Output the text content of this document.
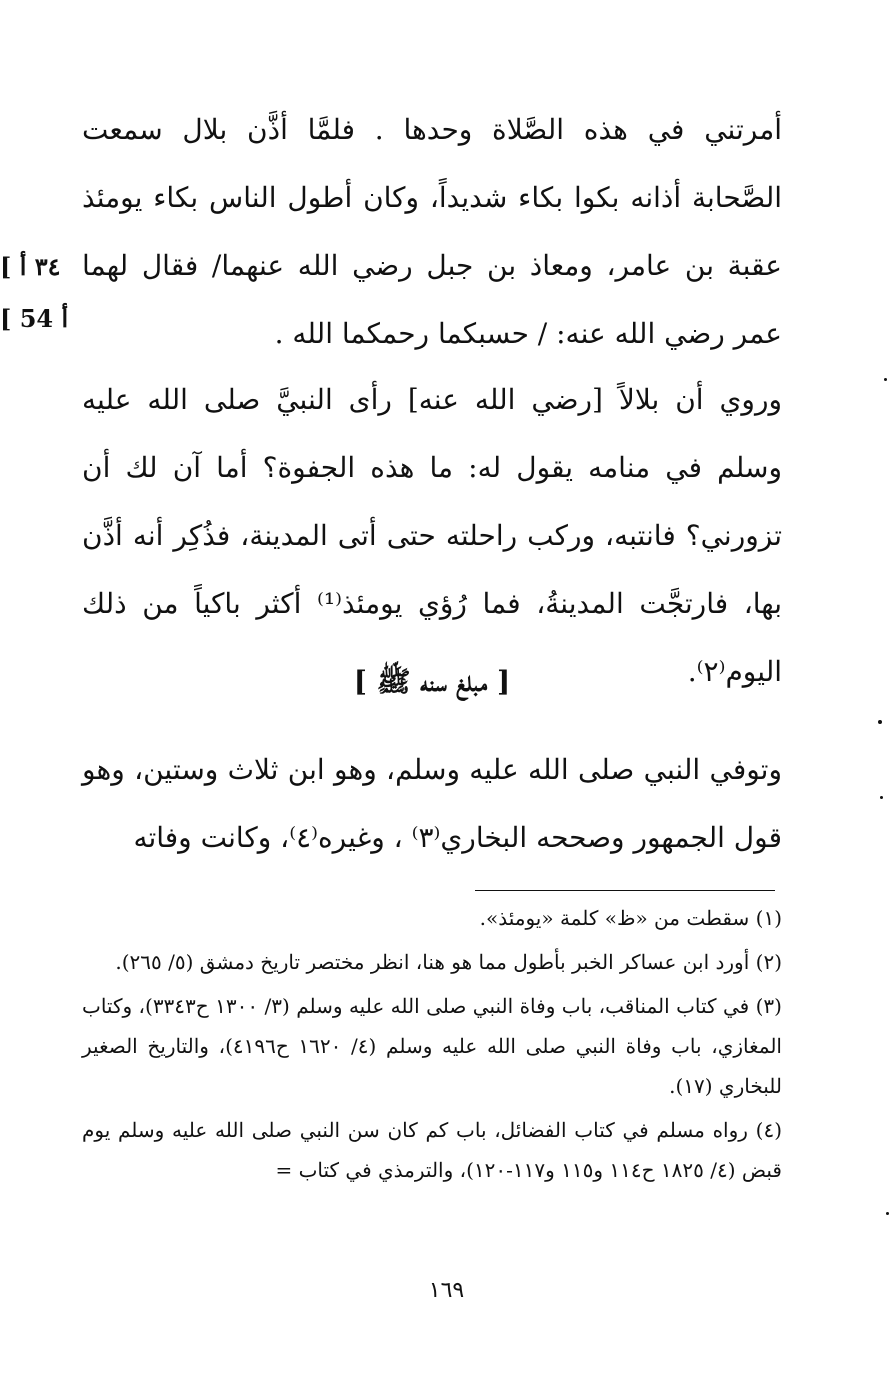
[ ٣٤ أ
[ 54 أ

أمرتني في هذه الصَّلاة وحدها . فلمَّا أذَّن بلال سمعت الصَّحابة أذانه بكوا بكاء شديداً، وكان أطول الناس بكاء يومئذ عقبة بن عامر، ومعاذ بن جبل رضي الله عنهما/ فقال لهما عمر رضي الله عنه: / حسبكما رحمكما الله .

وروي أن بلالاً [رضي الله عنه] رأى النبيَّ صلى الله عليه وسلم في منامه يقول له: ما هذه الجفوة؟ أما آن لك أن تزورني؟ فانتبه، وركب راحلته حتى أتى المدينة، فذُكِر أنه أذَّن بها، فارتجَّت المدينةُ، فما رُؤي يومئذ⁽¹⁾ أكثر باكياً من ذلك اليوم⁽٢⁾.

[ مبلغ سنه ﷺ ]

وتوفي النبي صلى الله عليه وسلم، وهو ابن ثلاث وستين، وهو قول الجمهور وصححه البخاري⁽٣⁾ ، وغيره⁽٤⁾، وكانت وفاته

(١) سقطت من «ظ» كلمة «يومئذ».

(٢) أورد ابن عساكر الخبر بأطول مما هو هنا، انظر مختصر تاريخ دمشق (٥/ ٢٦٥).

(٣) في كتاب المناقب، باب وفاة النبي صلى الله عليه وسلم (٣/ ١٣٠٠ ح٣٣٤٣)، وكتاب المغازي، باب وفاة النبي صلى الله عليه وسلم (٤/ ١٦٢٠ ح٤١٩٦)، والتاريخ الصغير للبخاري (١٧).

(٤) رواه مسلم في كتاب الفضائل، باب كم كان سن النبي صلى الله عليه وسلم يوم قبض (٤/ ١٨٢٥ ح١١٤ و١١٥ و١١٧-١٢٠)، والترمذي في كتاب =

١٦٩
